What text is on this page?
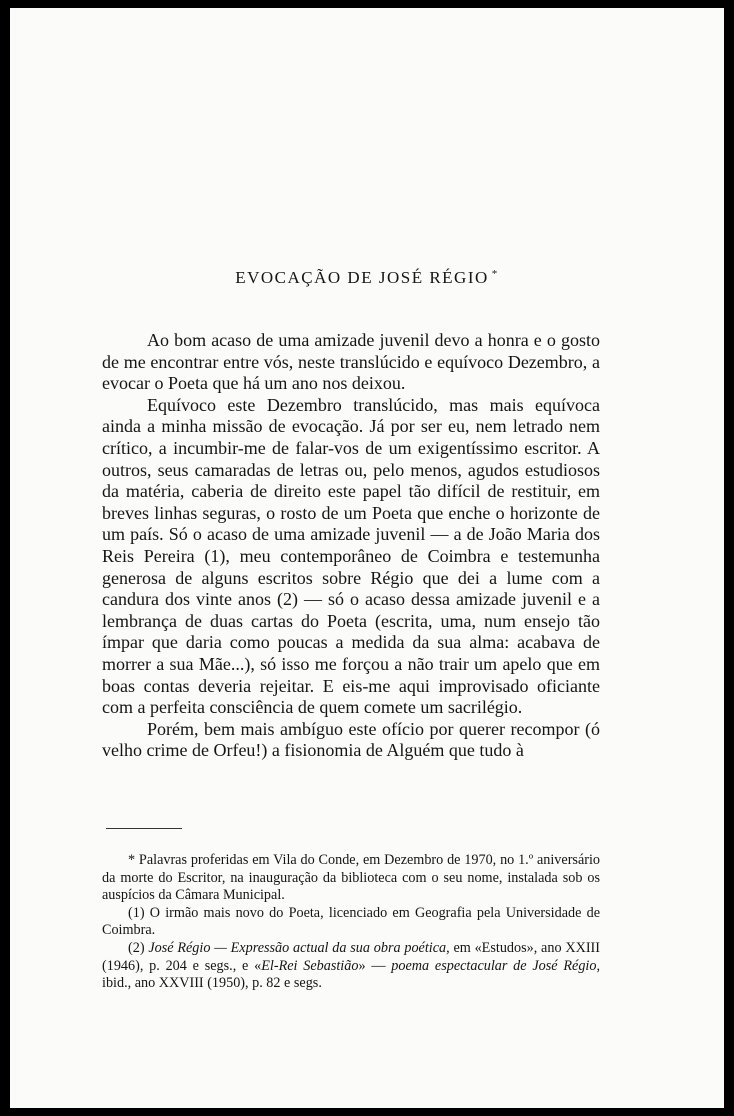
EVOCAÇÃO DE JOSÉ RÉGIO *

Ao bom acaso de uma amizade juvenil devo a honra e o gosto de me encontrar entre vós, neste translúcido e equívoco Dezembro, a evocar o Poeta que há um ano nos deixou.

Equívoco este Dezembro translúcido, mas mais equívoca ainda a minha missão de evocação. Já por ser eu, nem letrado nem crítico, a incumbir-me de falar-vos de um exigentíssimo escritor. A outros, seus camaradas de letras ou, pelo menos, agudos estudiosos da matéria, caberia de direito este papel tão difícil de restituir, em breves linhas seguras, o rosto de um Poeta que enche o horizonte de um país. Só o acaso de uma amizade juvenil — a de João Maria dos Reis Pereira (1), meu contemporâneo de Coimbra e testemunha generosa de alguns escritos sobre Régio que dei a lume com a candura dos vinte anos (2) — só o acaso dessa amizade juvenil e a lembrança de duas cartas do Poeta (escrita, uma, num ensejo tão ímpar que daria como poucas a medida da sua alma: acabava de morrer a sua Mãe...), só isso me forçou a não trair um apelo que em boas contas deveria rejeitar. E eis-me aqui improvisado oficiante com a perfeita consciência de quem comete um sacrilégio.

Porém, bem mais ambíguo este ofício por querer recompor (ó velho crime de Orfeu!) a fisionomia de Alguém que tudo à

* Palavras proferidas em Vila do Conde, em Dezembro de 1970, no 1.º aniversário da morte do Escritor, na inauguração da biblioteca com o seu nome, instalada sob os auspícios da Câmara Municipal.

(1) O irmão mais novo do Poeta, licenciado em Geografia pela Universidade de Coimbra.

(2) José Régio — Expressão actual da sua obra poética, em «Estudos», ano XXIII (1946), p. 204 e segs., e «El-Rei Sebastião» — poema espectacular de José Régio, ibid., ano XXVIII (1950), p. 82 e segs.
